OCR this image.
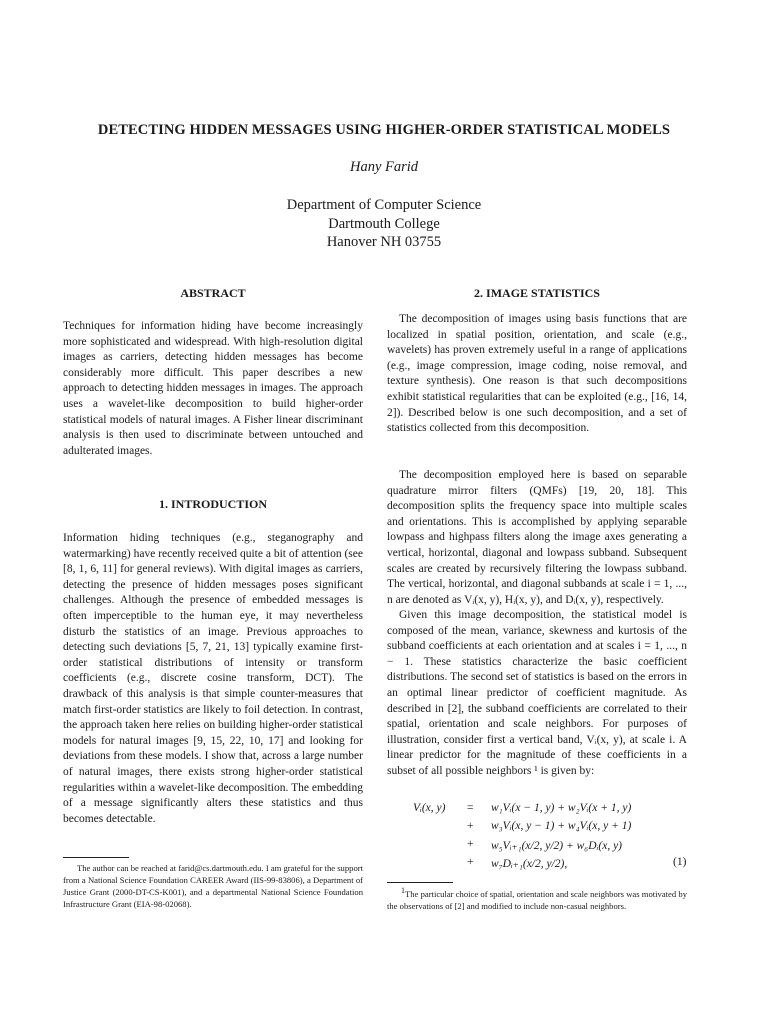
DETECTING HIDDEN MESSAGES USING HIGHER-ORDER STATISTICAL MODELS
Hany Farid
Department of Computer Science
Dartmouth College
Hanover NH 03755
ABSTRACT

Techniques for information hiding have become increasingly more sophisticated and widespread. With high-resolution digital images as carriers, detecting hidden messages has become considerably more difficult. This paper describes a new approach to detecting hidden messages in images. The approach uses a wavelet-like decomposition to build higher-order statistical models of natural images. A Fisher linear discriminant analysis is then used to discriminate between untouched and adulterated images.

1. INTRODUCTION

Information hiding techniques (e.g., steganography and watermarking) have recently received quite a bit of attention (see [8, 1, 6, 11] for general reviews). With digital images as carriers, detecting the presence of hidden messages poses significant challenges. Although the presence of embedded messages is often imperceptible to the human eye, it may nevertheless disturb the statistics of an image. Previous approaches to detecting such deviations [5, 7, 21, 13] typically examine first-order statistical distributions of intensity or transform coefficients (e.g., discrete cosine transform, DCT). The drawback of this analysis is that simple counter-measures that match first-order statistics are likely to foil detection. In contrast, the approach taken here relies on building higher-order statistical models for natural images [9, 15, 22, 10, 17] and looking for deviations from these models. I show that, across a large number of natural images, there exists strong higher-order statistical regularities within a wavelet-like decomposition. The embedding of a message significantly alters these statistics and thus becomes detectable.

The author can be reached at farid@cs.dartmouth.edu. I am grateful for the support from a National Science Foundation CAREER Award (IIS-99-83806), a Department of Justice Grant (2000-DT-CS-K001), and a departmental National Science Foundation Infrastructure Grant (EIA-98-02068).

2. IMAGE STATISTICS

The decomposition of images using basis functions that are localized in spatial position, orientation, and scale (e.g., wavelets) has proven extremely useful in a range of applications (e.g., image compression, image coding, noise removal, and texture synthesis). One reason is that such decompositions exhibit statistical regularities that can be exploited (e.g., [16, 14, 2]). Described below is one such decomposition, and a set of statistics collected from this decomposition.

The decomposition employed here is based on separable quadrature mirror filters (QMFs) [19, 20, 18]. This decomposition splits the frequency space into multiple scales and orientations. This is accomplished by applying separable lowpass and highpass filters along the image axes generating a vertical, horizontal, diagonal and lowpass subband. Subsequent scales are created by recursively filtering the lowpass subband. The vertical, horizontal, and diagonal subbands at scale i = 1, ..., n are denoted as Vᵢ(x, y), Hᵢ(x, y), and Dᵢ(x, y), respectively.

Given this image decomposition, the statistical model is composed of the mean, variance, skewness and kurtosis of the subband coefficients at each orientation and at scales i = 1, ..., n − 1. These statistics characterize the basic coefficient distributions. The second set of statistics is based on the errors in an optimal linear predictor of coefficient magnitude. As described in [2], the subband coefficients are correlated to their spatial, orientation and scale neighbors. For purposes of illustration, consider first a vertical band, Vᵢ(x, y), at scale i. A linear predictor for the magnitude of these coefficients in a subset of all possible neighbors ¹ is given by:

Vᵢ(x, y) = w₁Vᵢ(x − 1, y) + w₂Vᵢ(x + 1, y)
+ w₃Vᵢ(x, y − 1) + w₄Vᵢ(x, y + 1)
+ w₅Vᵢ₊₁(x/2, y/2) + w₆Dᵢ(x, y)
+ w₇Dᵢ₊₁(x/2, y/2),	(1)

$^1$The particular choice of spatial, orientation and scale neighbors was motivated by the observations of [2] and modified to include non-casual neighbors.
